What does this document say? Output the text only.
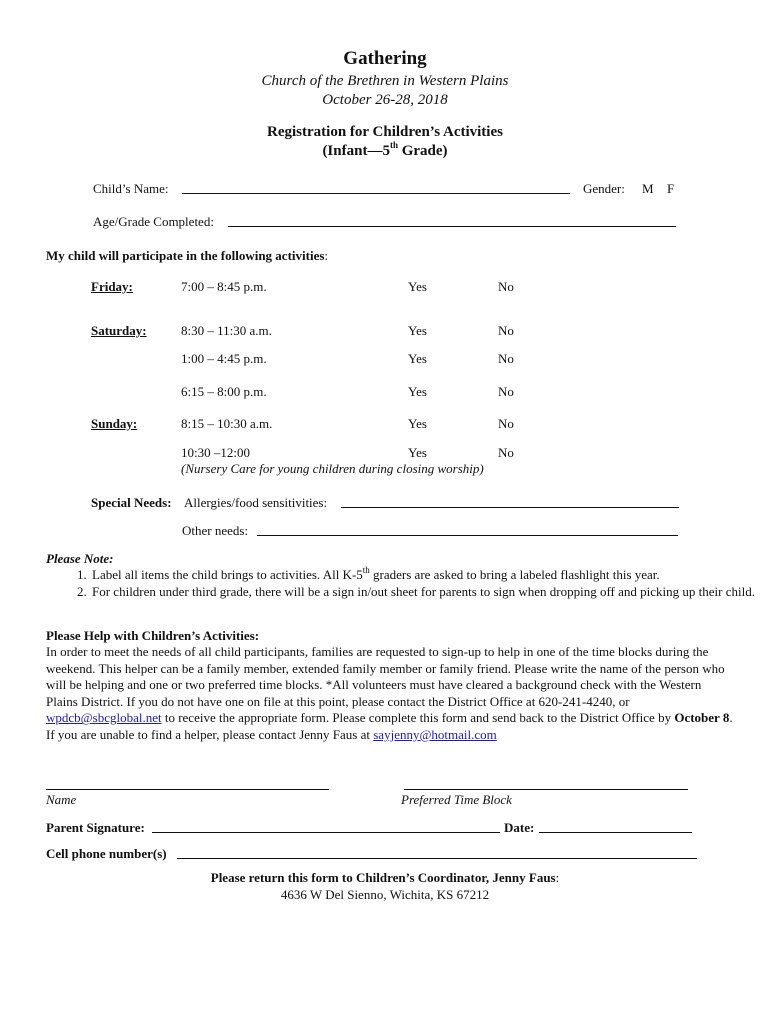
Gathering
Church of the Brethren in Western Plains
October 26-28, 2018
Registration for Children’s Activities
(Infant—5th Grade)
Child’s Name:	Gender: M F
Age/Grade Completed:
My child will participate in the following activities:
Friday:	7:00 – 8:45 p.m.	Yes	No
Saturday:	8:30 – 11:30 a.m.	Yes	No
1:00 – 4:45 p.m.	Yes	No
6:15 – 8:00 p.m.	Yes	No
Sunday:	8:15 – 10:30 a.m.	Yes	No
10:30 –12:00	Yes	No
(Nursery Care for young children during closing worship)
Special Needs: Allergies/food sensitivities:
Other needs:
Please Note:
1. Label all items the child brings to activities. All K-5th graders are asked to bring a labeled flashlight this year.
2. For children under third grade, there will be a sign in/out sheet for parents to sign when dropping off and picking up their child.
Please Help with Children’s Activities:
In order to meet the needs of all child participants, families are requested to sign-up to help in one of the time blocks during the weekend. This helper can be a family member, extended family member or family friend. Please write the name of the person who will be helping and one or two preferred time blocks. *All volunteers must have cleared a background check with the Western Plains District. If you do not have one on file at this point, please contact the District Office at 620-241-4240, or wpdcb@sbcglobal.net to receive the appropriate form. Please complete this form and send back to the District Office by October 8. If you are unable to find a helper, please contact Jenny Faus at sayjenny@hotmail.com
Name	Preferred Time Block
Parent Signature:	Date:
Cell phone number(s)
Please return this form to Children’s Coordinator, Jenny Faus:
4636 W Del Sienno, Wichita, KS 67212
